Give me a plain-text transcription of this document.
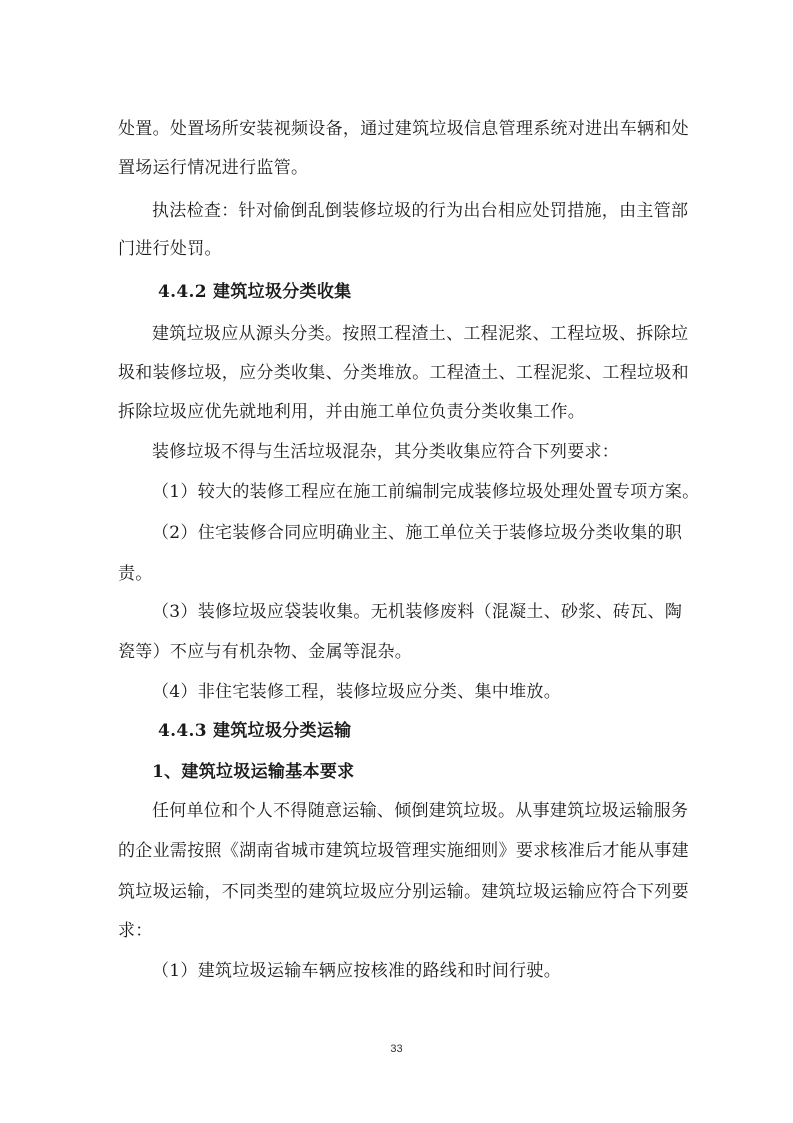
处置。处置场所安装视频设备，通过建筑垃圾信息管理系统对进出车辆和处
置场运行情况进行监管。
执法检查：针对偷倒乱倒装修垃圾的行为出台相应处罚措施，由主管部
门进行处罚。
4.4.2 建筑垃圾分类收集
建筑垃圾应从源头分类。按照工程渣土、工程泥浆、工程垃圾、拆除垃
圾和装修垃圾，应分类收集、分类堆放。工程渣土、工程泥浆、工程垃圾和
拆除垃圾应优先就地利用，并由施工单位负责分类收集工作。
装修垃圾不得与生活垃圾混杂，其分类收集应符合下列要求：
（1）较大的装修工程应在施工前编制完成装修垃圾处理处置专项方案。
（2）住宅装修合同应明确业主、施工单位关于装修垃圾分类收集的职
责。
（3）装修垃圾应袋装收集。无机装修废料（混凝土、砂浆、砖瓦、陶
瓷等）不应与有机杂物、金属等混杂。
（4）非住宅装修工程，装修垃圾应分类、集中堆放。
4.4.3 建筑垃圾分类运输
1、建筑垃圾运输基本要求
任何单位和个人不得随意运输、倾倒建筑垃圾。从事建筑垃圾运输服务
的企业需按照《湖南省城市建筑垃圾管理实施细则》要求核准后才能从事建
筑垃圾运输，不同类型的建筑垃圾应分别运输。建筑垃圾运输应符合下列要
求：
（1）建筑垃圾运输车辆应按核准的路线和时间行驶。
33
